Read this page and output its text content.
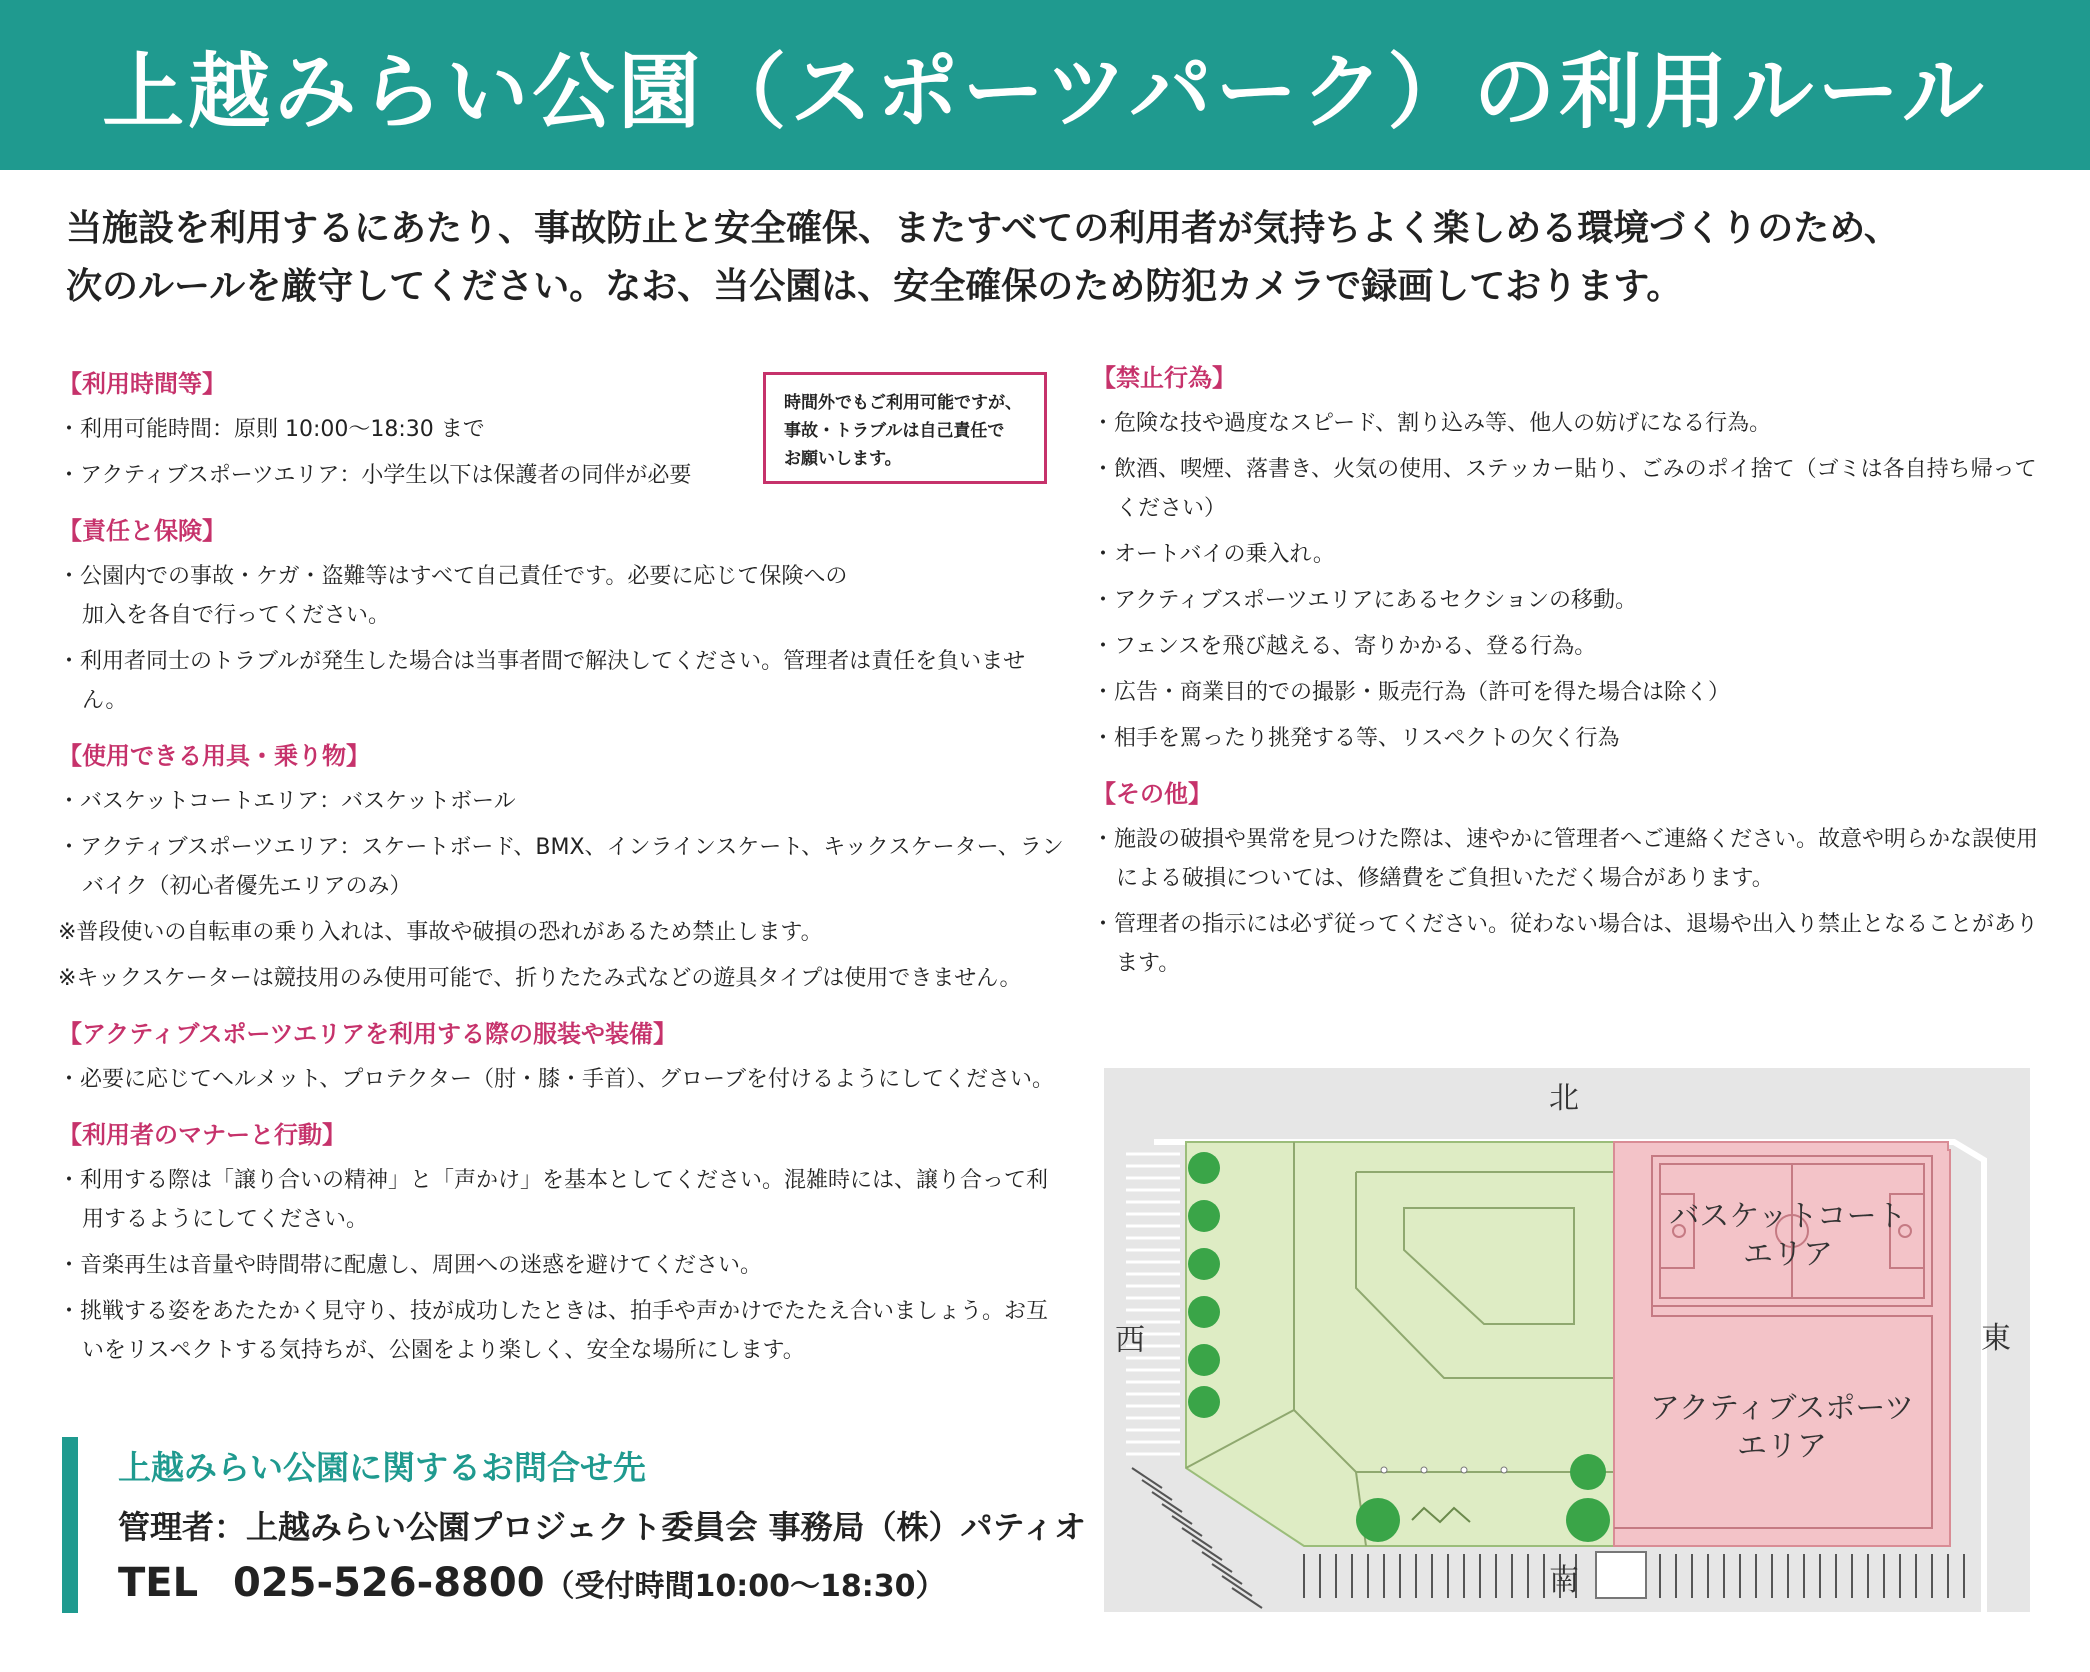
上越みらい公園（スポーツパーク）の利用ルール

当施設を利用するにあたり、事故防止と安全確保、またすべての利用者が気持ちよく楽しめる環境づくりのため、

次のルールを厳守してください。なお、当公園は、安全確保のため防犯カメラで録画しております。

【利用時間等】
・利用可能時間：原則 10:00〜18:30 まで
・アクティブスポーツエリア：小学生以下は保護者の同伴が必要
【責任と保険】
・公園内での事故・ケガ・盗難等はすべて自己責任です。必要に応じて保険への加入を各自で行ってください。
・利用者同士のトラブルが発生した場合は当事者間で解決してください。管理者は責任を負いません。
【使用できる用具・乗り物】
・バスケットコートエリア：バスケットボール
・アクティブスポーツエリア：スケートボード、BMX、インラインスケート、キックスケーター、ランバイク（初心者優先エリアのみ）
※普段使いの自転車の乗り入れは、事故や破損の恐れがあるため禁止します。
※キックスケーターは競技用のみ使用可能で、折りたたみ式などの遊具タイプは使用できません。
【アクティブスポーツエリアを利用する際の服装や装備】
・必要に応じてヘルメット、プロテクター（肘・膝・手首）、グローブを付けるようにしてください。
【利用者のマナーと行動】
・利用する際は「譲り合いの精神」と「声かけ」を基本としてください。混雑時には、譲り合って利用するようにしてください。
・音楽再生は音量や時間帯に配慮し、周囲への迷惑を避けてください。
・挑戦する姿をあたたかく見守り、技が成功したときは、拍手や声かけでたたえ合いましょう。お互いをリスペクトする気持ちが、公園をより楽しく、安全な場所にします。
時間外でもご利用可能ですが、
事故・トラブルは自己責任で
お願いします。
【禁止行為】
・危険な技や過度なスピード、割り込み等、他人の妨げになる行為。
・飲酒、喫煙、落書き、火気の使用、ステッカー貼り、ごみのポイ捨て（ゴミは各自持ち帰ってください）
・オートバイの乗入れ。
・アクティブスポーツエリアにあるセクションの移動。
・フェンスを飛び越える、寄りかかる、登る行為。
・広告・商業目的での撮影・販売行為（許可を得た場合は除く）
・相手を罵ったり挑発する等、リスペクトの欠く行為
【その他】
・施設の破損や異常を見つけた際は、速やかに管理者へご連絡ください。故意や明らかな誤使用による破損については、修繕費をご負担いただく場合があります。
・管理者の指示には必ず従ってください。従わない場合は、退場や出入り禁止となることがあります。
上越みらい公園に関するお問合せ先
管理者：上越みらい公園プロジェクト委員会 事務局（株）パティオ
TEL 025-526-8800（受付時間10:00〜18:30）
北
南
東
西
バスケットコート
エリア
アクティブスポーツ
エリア
